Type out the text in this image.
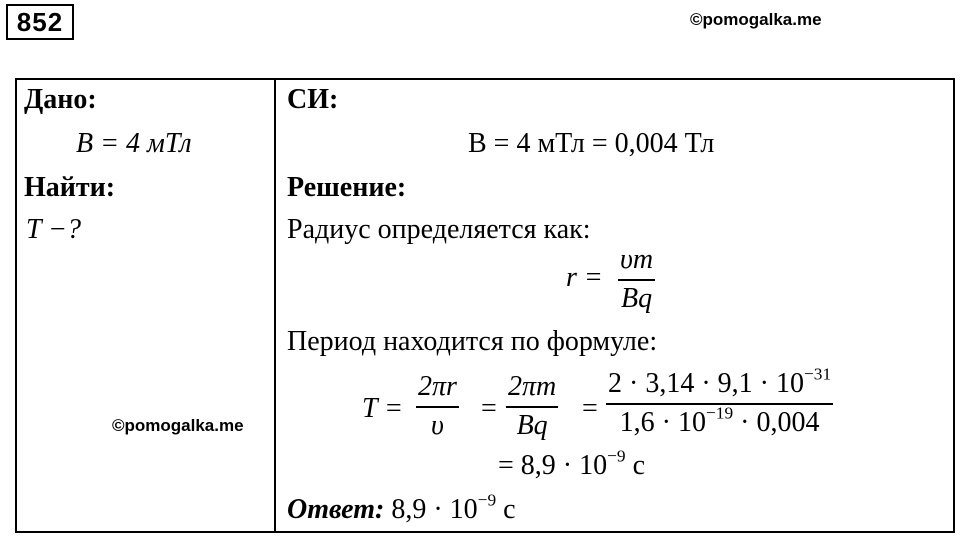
852	©pomogalka.me
Дано:
B = 4 мТл
Найти:
T −?
©pomogalka.me
СИ:
B = 4 мТл = 0,004 Тл
Решение:
Радиус определяется как:
$r = \frac{\upsilon m}{Bq}$
Период находится по формуле:
$T = \frac{2\pi r}{\upsilon} = \frac{2\pi m}{Bq} = \frac{2 \cdot 3,14 \cdot 9,1 \cdot 10^{-31}}{1,6 \cdot 10^{-19} \cdot 0,004}$
= $8,9 \cdot 10^{-9}$ с
Ответ: $8,9 \cdot 10^{-9}$ с
